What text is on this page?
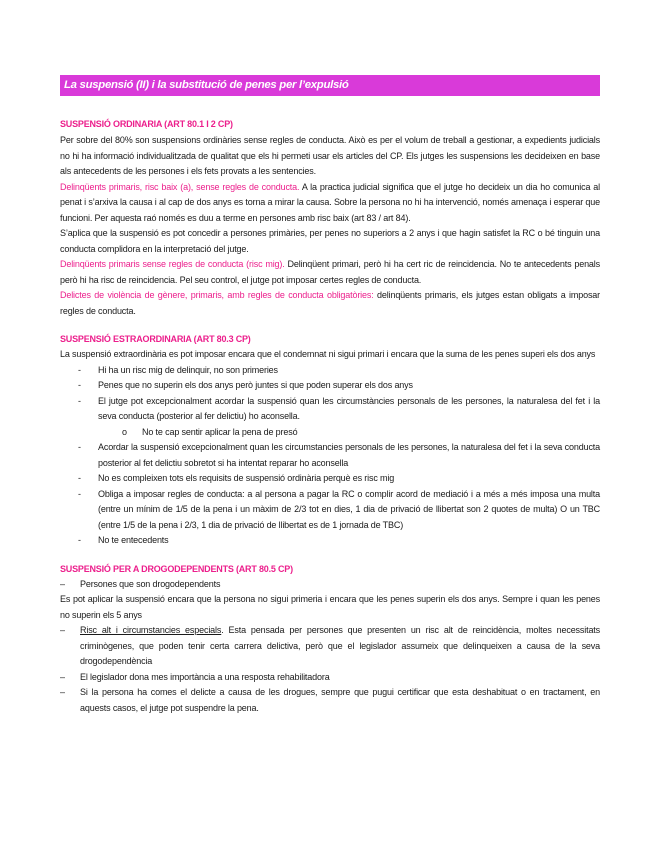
La suspensió (II) i la substitució de penes per l’expulsió
SUSPENSIÓ ORDINARIA (ART 80.1 I 2 CP)

Per sobre del 80% son suspensions ordinàries sense regles de conducta. Això es per el volum de treball a gestionar, a expedients judicials no hi ha informació individualitzada de qualitat que els hi permeti usar els articles del CP. Els jutges les suspensions les decideixen en base als antecedents de les persones i els fets provats a les sentencies.

Delinqüents primaris, risc baix (a), sense regles de conducta. A la practica judicial significa que el jutge ho decideix un dia ho comunica al penat i s’arxiva la causa i al cap de dos anys es torna a mirar la causa. Sobre la persona no hi ha intervenció, només amenaça i esperar que funcioni. Per aquesta raó només es duu a terme en persones amb risc baix (art 83 / art 84).

S’aplica que la suspensió es pot concedir a persones primàries, per penes no superiors a 2 anys i que hagin satisfet la RC o bé tinguin una conducta complidora en la interpretació del jutge.

Delinqüents primaris sense regles de conducta (risc mig). Delinqüent primari, però hi ha cert ric de reincidencia. No te antecedents penals però hi ha risc de reincidencia. Pel seu control, el jutge pot imposar certes regles de conducta.

Delictes de violència de gènere, primaris, amb regles de conducta obligatòries: delinqüents primaris, els jutges estan obligats a imposar regles de conducta.

SUSPENSIÓ ESTRAORDINARIA (ART 80.3 CP)

La suspensió extraordinària es pot imposar encara que el condemnat ni sigui primari i encara que la suma de les penes superi els dos anys

- Hi ha un risc mig de delinquir, no son primeries
- Penes que no superin els dos anys però juntes si que poden superar els dos anys
- El jutge pot excepcionalment acordar la suspensió quan les circumstàncies personals de les persones, la naturalesa del fet i la seva conducta (posterior al fer delictiu) ho aconsella.
o No te cap sentir aplicar la pena de presó
- Acordar la suspensió excepcionalment quan les circumstancies personals de les persones, la naturalesa del fet i la seva conducta posterior al fet delictiu sobretot si ha intentat reparar ho aconsella
- No es compleixen tots els requisits de suspensió ordinària perquè es risc mig
- Obliga a imposar regles de conducta: a al persona a pagar la RC o complir acord de mediació i a més a més imposa una multa (entre un mínim de 1/5 de la pena i un màxim de 2/3 tot en dies, 1 dia de privació de llibertat son 2 quotes de multa) O un TBC (entre 1/5 de la pena i 2/3, 1 dia de privació de llibertat es de 1 jornada de TBC)
- No te entecedents
SUSPENSIÓ PER A DROGODEPENDENTS (ART 80.5 CP)
– Persones que son drogodependents

Es pot aplicar la suspensió encara que la persona no sigui primeria i encara que les penes superin els dos anys. Sempre i quan les penes no superin els 5 anys

– Risc alt i circumstancies especials. Esta pensada per persones que presenten un risc alt de reincidència, moltes necessitats criminògenes, que poden tenir certa carrera delictiva, però que el legislador assumeix que delinqueixen a causa de la seva drogodependència
– El legislador dona mes importància a una resposta rehabilitadora
– Si la persona ha comes el delicte a causa de les drogues, sempre que pugui certificar que esta deshabituat o en tractament, en aquests casos, el jutge pot suspendre la pena.
